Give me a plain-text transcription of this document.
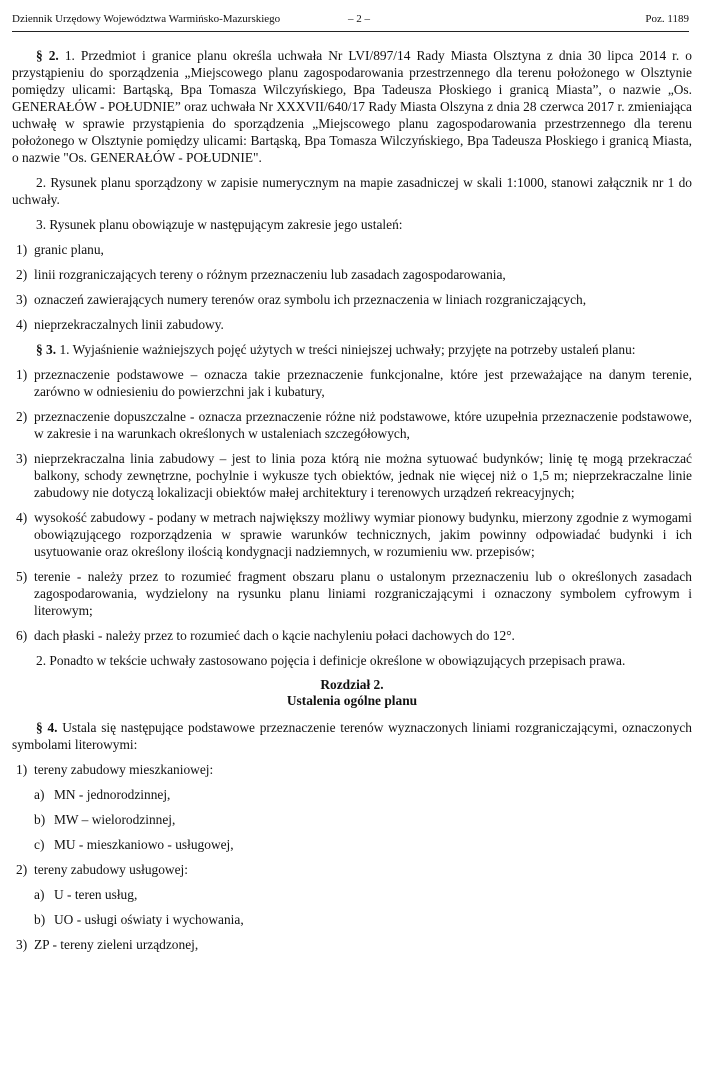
Dziennik Urzędowy Województwa Warmińsko-Mazurskiego	– 2 –	Poz. 1189

§ 2. 1. Przedmiot i granice planu określa uchwała Nr LVI/897/14 Rady Miasta Olsztyna z dnia 30 lipca 2014 r. o przystąpieniu do sporządzenia „Miejscowego planu zagospodarowania przestrzennego dla terenu położonego w Olsztynie pomiędzy ulicami: Bartąską, Bpa Tomasza Wilczyńskiego, Bpa Tadeusza Płoskiego i granicą Miasta”, o nazwie „Os. GENERAŁÓW - POŁUDNIE” oraz uchwała Nr XXXVII/640/17 Rady Miasta Olszyna z dnia 28 czerwca 2017 r. zmieniająca uchwałę w sprawie przystąpienia do sporządzenia „Miejscowego planu zagospodarowania przestrzennego dla terenu położonego w Olsztynie pomiędzy ulicami: Bartąską, Bpa Tomasza Wilczyńskiego, Bpa Tadeusza Płoskiego i granicą Miasta, o nazwie "Os. GENERAŁÓW - POŁUDNIE".

2. Rysunek planu sporządzony w zapisie numerycznym na mapie zasadniczej w skali 1:1000, stanowi załącznik nr 1 do uchwały.

3. Rysunek planu obowiązuje w następującym zakresie jego ustaleń:

1) granic planu,
2) linii rozgraniczających tereny o różnym przeznaczeniu lub zasadach zagospodarowania,
3) oznaczeń zawierających numery terenów oraz symbolu ich przeznaczenia w liniach rozgraniczających,
4) nieprzekraczalnych linii zabudowy.

§ 3. 1. Wyjaśnienie ważniejszych pojęć użytych w treści niniejszej uchwały; przyjęte na potrzeby ustaleń planu:

1) przeznaczenie podstawowe – oznacza takie przeznaczenie funkcjonalne, które jest przeważające na danym terenie, zarówno w odniesieniu do powierzchni jak i kubatury,
2) przeznaczenie dopuszczalne - oznacza przeznaczenie różne niż podstawowe, które uzupełnia przeznaczenie podstawowe, w zakresie i na warunkach określonych w ustaleniach szczegółowych,
3) nieprzekraczalna linia zabudowy – jest to linia poza którą nie można sytuować budynków; linię tę mogą przekraczać balkony, schody zewnętrzne, pochylnie i wykusze tych obiektów, jednak nie więcej niż o 1,5 m; nieprzekraczalne linie zabudowy nie dotyczą lokalizacji obiektów małej architektury i terenowych urządzeń rekreacyjnych;
4) wysokość zabudowy - podany w metrach największy możliwy wymiar pionowy budynku, mierzony zgodnie z wymogami obowiązującego rozporządzenia w sprawie warunków technicznych, jakim powinny odpowiadać budynki i ich usytuowanie oraz określony ilością kondygnacji nadziemnych, w rozumieniu ww. przepisów;
5) terenie - należy przez to rozumieć fragment obszaru planu o ustalonym przeznaczeniu lub o określonych zasadach zagospodarowania, wydzielony na rysunku planu liniami rozgraniczającymi i oznaczony symbolem cyfrowym i literowym;
6) dach płaski - należy przez to rozumieć dach o kącie nachyleniu połaci dachowych do 12°.

2. Ponadto w tekście uchwały zastosowano pojęcia i definicje określone w obowiązujących przepisach prawa.

Rozdział 2.
Ustalenia ogólne planu

§ 4. Ustala się następujące podstawowe przeznaczenie terenów wyznaczonych liniami rozgraniczającymi, oznaczonych symbolami literowymi:

1) tereny zabudowy mieszkaniowej:
a) MN - jednorodzinnej,
b) MW – wielorodzinnej,
c) MU - mieszkaniowo - usługowej,
2) tereny zabudowy usługowej:
a) U - teren usług,
b) UO - usługi oświaty i wychowania,
3) ZP - tereny zieleni urządzonej,
